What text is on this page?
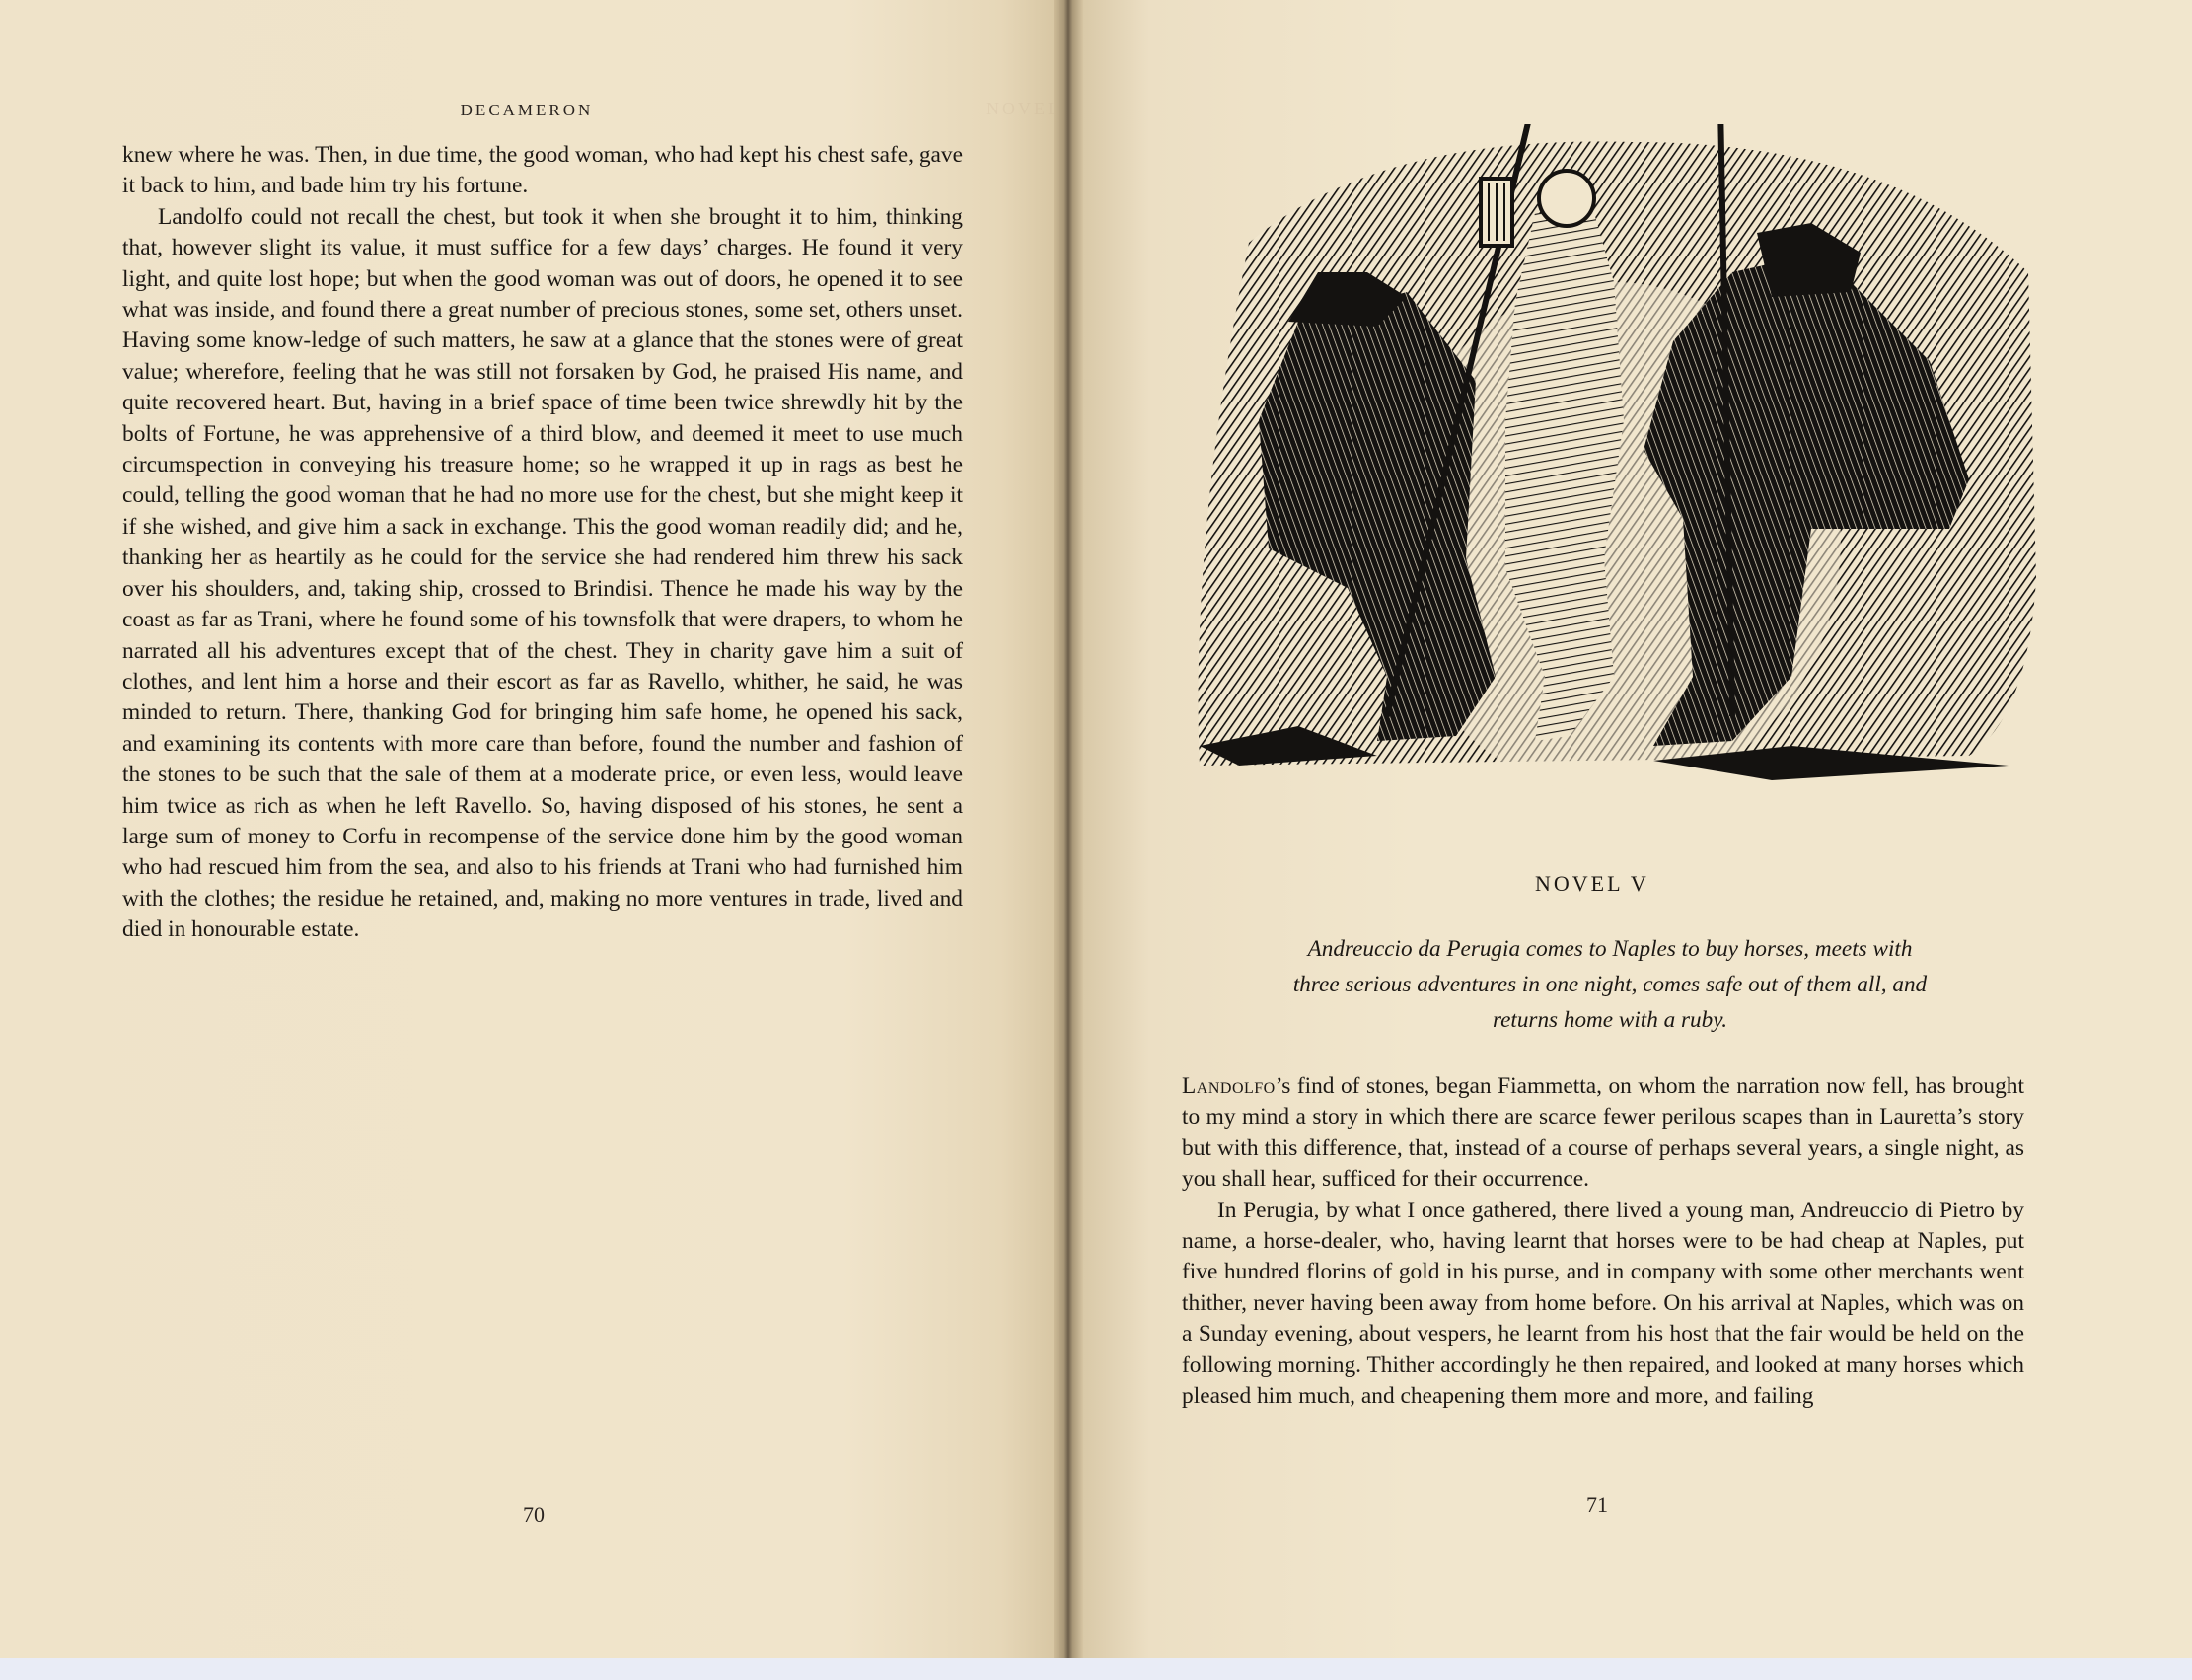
NOVEL IV
DECAMERON

knew where he was. Then, in due time, the good woman, who had kept his chest safe, gave it back to him, and bade him try his fortune.

Landolfo could not recall the chest, but took it when she brought it to him, thinking that, however slight its value, it must suffice for a few days’ charges. He found it very light, and quite lost hope; but when the good woman was out of doors, he opened it to see what was inside, and found there a great number of precious stones, some set, others unset. Having some know-ledge of such matters, he saw at a glance that the stones were of great value; wherefore, feeling that he was still not forsaken by God, he praised His name, and quite recovered heart. But, having in a brief space of time been twice shrewdly hit by the bolts of Fortune, he was apprehensive of a third blow, and deemed it meet to use much circumspection in conveying his treasure home; so he wrapped it up in rags as best he could, telling the good woman that he had no more use for the chest, but she might keep it if she wished, and give him a sack in exchange. This the good woman readily did; and he, thanking her as heartily as he could for the service she had rendered him threw his sack over his shoulders, and, taking ship, crossed to Brindisi. Thence he made his way by the coast as far as Trani, where he found some of his townsfolk that were drapers, to whom he narrated all his adventures except that of the chest. They in charity gave him a suit of clothes, and lent him a horse and their escort as far as Ravello, whither, he said, he was minded to return. There, thanking God for bringing him safe home, he opened his sack, and examining its contents with more care than before, found the number and fashion of the stones to be such that the sale of them at a moderate price, or even less, would leave him twice as rich as when he left Ravello. So, having disposed of his stones, he sent a large sum of money to Corfu in recompense of the service done him by the good woman who had rescued him from the sea, and also to his friends at Trani who had furnished him with the clothes; the residue he retained, and, making no more ventures in trade, lived and died in honourable estate.

70
NOVEL V
Andreuccio da Perugia comes to Naples to buy horses, meets with
three serious adventures in one night, comes safe out of them all, and
returns home with a ruby.

Landolfo’s find of stones, began Fiammetta, on whom the narration now fell, has brought to my mind a story in which there are scarce fewer perilous scapes than in Lauretta’s story but with this difference, that, instead of a course of perhaps several years, a single night, as you shall hear, sufficed for their occurrence.

In Perugia, by what I once gathered, there lived a young man, Andreuccio di Pietro by name, a horse-dealer, who, having learnt that horses were to be had cheap at Naples, put five hundred florins of gold in his purse, and in company with some other merchants went thither, never having been away from home before. On his arrival at Naples, which was on a Sunday evening, about vespers, he learnt from his host that the fair would be held on the following morning. Thither accordingly he then repaired, and looked at many horses which pleased him much, and cheapening them more and more, and failing

71
